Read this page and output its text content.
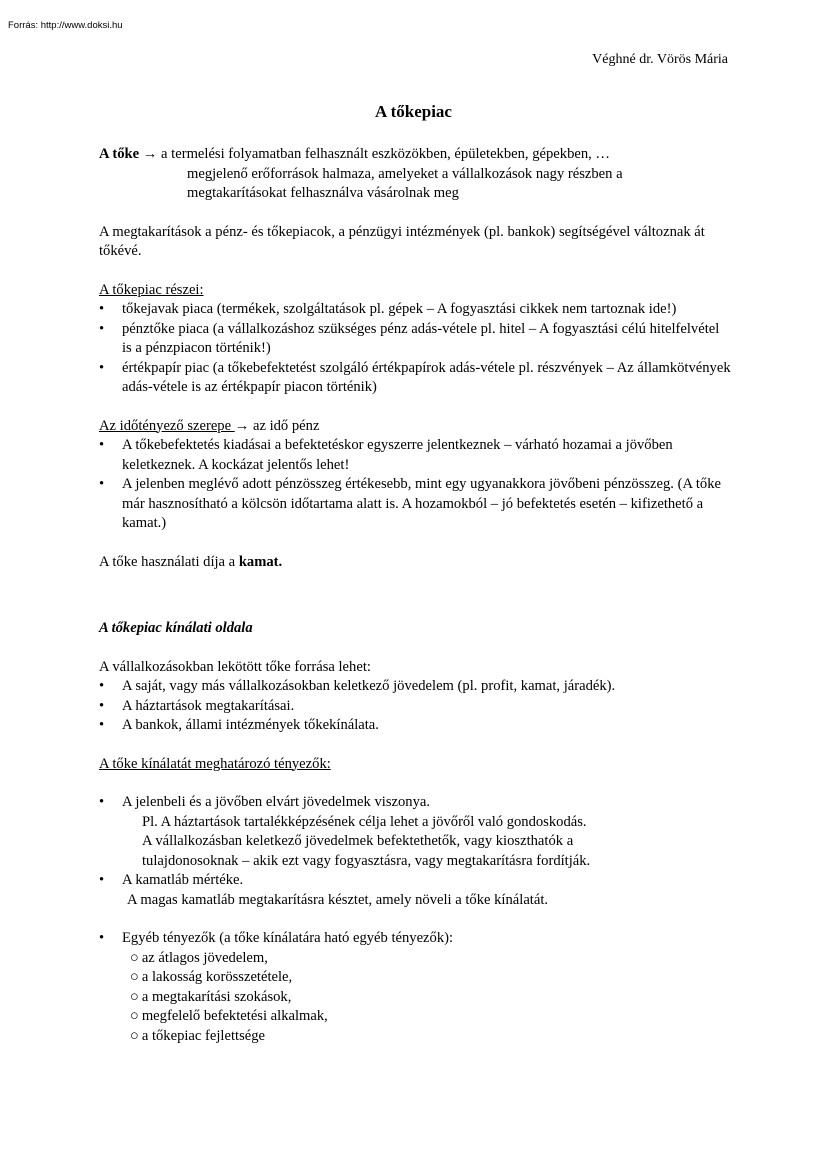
Forrás: http://www.doksi.hu
Véghné dr. Vörös Mária
A tőkepiac

A tőke → a termelési folyamatban felhasznált eszközökben, épületekben, gépekben, …
megjelenő erőforrások halmaza, amelyeket a vállalkozások nagy részben a
megtakarításokat felhasználva vásárolnak meg

A megtakarítások a pénz- és tőkepiacok, a pénzügyi intézmények (pl. bankok) segítségével változnak át tőkévé.

A tőkepiac részei:

• tőkejavak piaca (termékek, szolgáltatások pl. gépek – A fogyasztási cikkek nem tartoznak ide!)
• pénztőke piaca (a vállalkozáshoz szükséges pénz adás-vétele pl. hitel – A fogyasztási célú hitelfelvétel is a pénzpiacon történik!)
• értékpapír piac (a tőkebefektetést szolgáló értékpapírok adás-vétele pl. részvények – Az államkötvények adás-vétele is az értékpapír piacon történik)

Az időtényező szerepe → az idő pénz

• A tőkebefektetés kiadásai a befektetéskor egyszerre jelentkeznek – várható hozamai a jövőben keletkeznek. A kockázat jelentős lehet!
• A jelenben meglévő adott pénzösszeg értékesebb, mint egy ugyanakkora jövőbeni pénzösszeg. (A tőke már hasznosítható a kölcsön időtartama alatt is. A hozamokból – jó befektetés esetén – kifizethető a kamat.)

A tőke használati díja a kamat.

A tőkepiac kínálati oldala

A vállalkozásokban lekötött tőke forrása lehet:

• A saját, vagy más vállalkozásokban keletkező jövedelem (pl. profit, kamat, járadék).
• A háztartások megtakarításai.
• A bankok, állami intézmények tőkekínálata.

A tőke kínálatát meghatározó tényezők:

• A jelenbeli és a jövőben elvárt jövedelmek viszonya.
Pl. A háztartások tartalékképzésének célja lehet a jövőről való gondoskodás.
A vállalkozásban keletkező jövedelmek befektethetők, vagy kioszthatók a
tulajdonosoknak – akik ezt vagy fogyasztásra, vagy megtakarításra fordítják.
• A kamatláb mértéke.
A magas kamatláb megtakarításra késztet, amely növeli a tőke kínálatát.
• Egyéb tényezők (a tőke kínálatára ható egyéb tényezők):
○ az átlagos jövedelem,
○ a lakosság korösszetétele,
○ a megtakarítási szokások,
○ megfelelő befektetési alkalmak,
○ a tőkepiac fejlettsége
